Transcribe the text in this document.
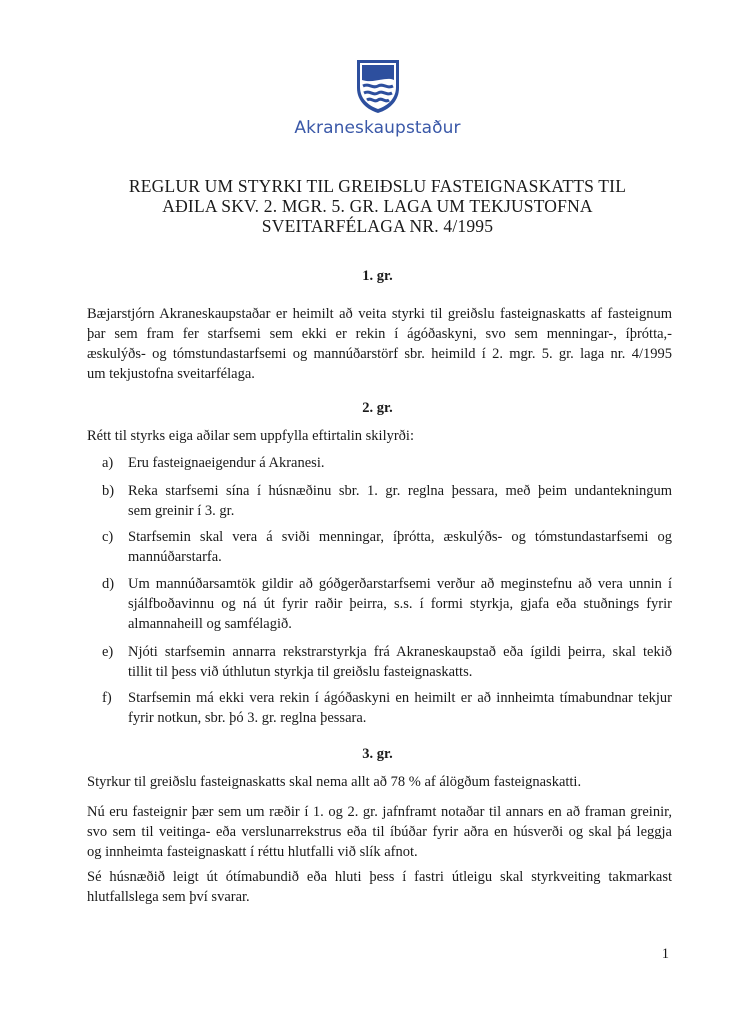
Akraneskaupstaður
REGLUR UM STYRKI TIL GREIÐSLU FASTEIGNASKATTS TIL
AÐILA SKV. 2. MGR. 5. GR. LAGA UM TEKJUSTOFNA
SVEITARFÉLAGA NR. 4/1995
1. gr.

Bæjarstjórn Akraneskaupstaðar er heimilt að veita styrki til greiðslu fasteignaskatts af fasteignum
þar sem fram fer starfsemi sem ekki er rekin í ágóðaskyni, svo sem menningar-, íþrótta,-
æskulýðs- og tómstundastarfsemi og mannúðarstörf sbr. heimild í 2. mgr. 5. gr. laga nr. 4/1995
um tekjustofna sveitarfélaga.

2. gr.

Rétt til styrks eiga aðilar sem uppfylla eftirtalin skilyrði:

a)	Eru fasteignaeigendur á Akranesi.
b) Reka starfsemi sína í húsnæðinu sbr. 1. gr. reglna þessara, með þeim undantekningum
sem greinir í 3. gr.
c)	Starfsemin skal vera á sviði menningar, íþrótta, æskulýðs- og tómstundastarfsemi og
mannúðarstarfa.
d) Um mannúðarsamtök gildir að góðgerðarstarfsemi verður að meginstefnu að vera unnin í
sjálfboðavinnu og ná út fyrir raðir þeirra, s.s. í formi styrkja, gjafa eða stuðnings fyrir
almannaheill og samfélagið.
e)	Njóti starfsemin annarra rekstrarstyrkja frá Akraneskaupstað eða ígildi þeirra, skal tekið
tillit til þess við úthlutun styrkja til greiðslu fasteignaskatts.
f)	Starfsemin má ekki vera rekin í ágóðaskyni en heimilt er að innheimta tímabundnar tekjur
fyrir notkun, sbr. þó 3. gr. reglna þessara.
3. gr.

Styrkur til greiðslu fasteignaskatts skal nema allt að 78 % af álögðum fasteignaskatti.

Nú eru fasteignir þær sem um ræðir í 1. og 2. gr. jafnframt notaðar til annars en að framan greinir,
svo sem til veitinga- eða verslunarrekstrus eða til íbúðar fyrir aðra en húsverði og skal þá leggja
og innheimta fasteignaskatt í réttu hlutfalli við slík afnot.

Sé húsnæðið leigt út ótímabundið eða hluti þess í fastri útleigu skal styrkveiting takmarkast
hlutfallslega sem því svarar.

1
